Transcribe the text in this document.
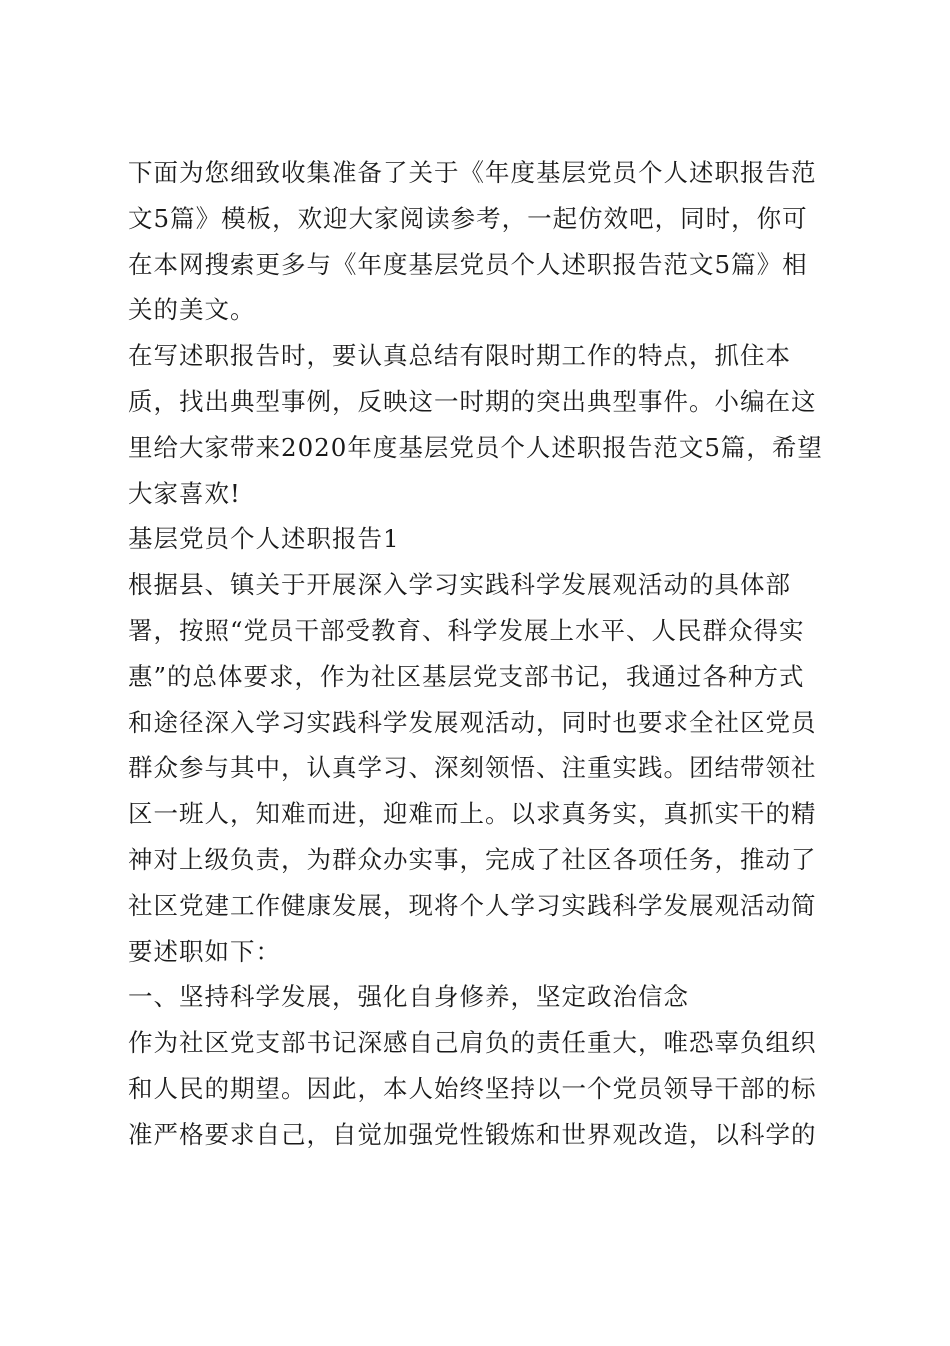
下面为您细致收集准备了关于《年度基层党员个人述职报告范
文5篇》模板，欢迎大家阅读参考，一起仿效吧，同时，你可
在本网搜索更多与《年度基层党员个人述职报告范文5篇》相
关的美文。
在写述职报告时，要认真总结有限时期工作的特点，抓住本
质，找出典型事例，反映这一时期的突出典型事件。小编在这
里给大家带来2020年度基层党员个人述职报告范文5篇，希望
大家喜欢!
基层党员个人述职报告1
根据县、镇关于开展深入学习实践科学发展观活动的具体部
署，按照“党员干部受教育、科学发展上水平、人民群众得实
惠”的总体要求，作为社区基层党支部书记，我通过各种方式
和途径深入学习实践科学发展观活动，同时也要求全社区党员
群众参与其中，认真学习、深刻领悟、注重实践。团结带领社
区一班人，知难而进，迎难而上。以求真务实，真抓实干的精
神对上级负责，为群众办实事，完成了社区各项任务，推动了
社区党建工作健康发展，现将个人学习实践科学发展观活动简
要述职如下：
一、坚持科学发展，强化自身修养，坚定政治信念
作为社区党支部书记深感自己肩负的责任重大，唯恐辜负组织
和人民的期望。因此，本人始终坚持以一个党员领导干部的标
准严格要求自己，自觉加强党性锻炼和世界观改造，以科学的
